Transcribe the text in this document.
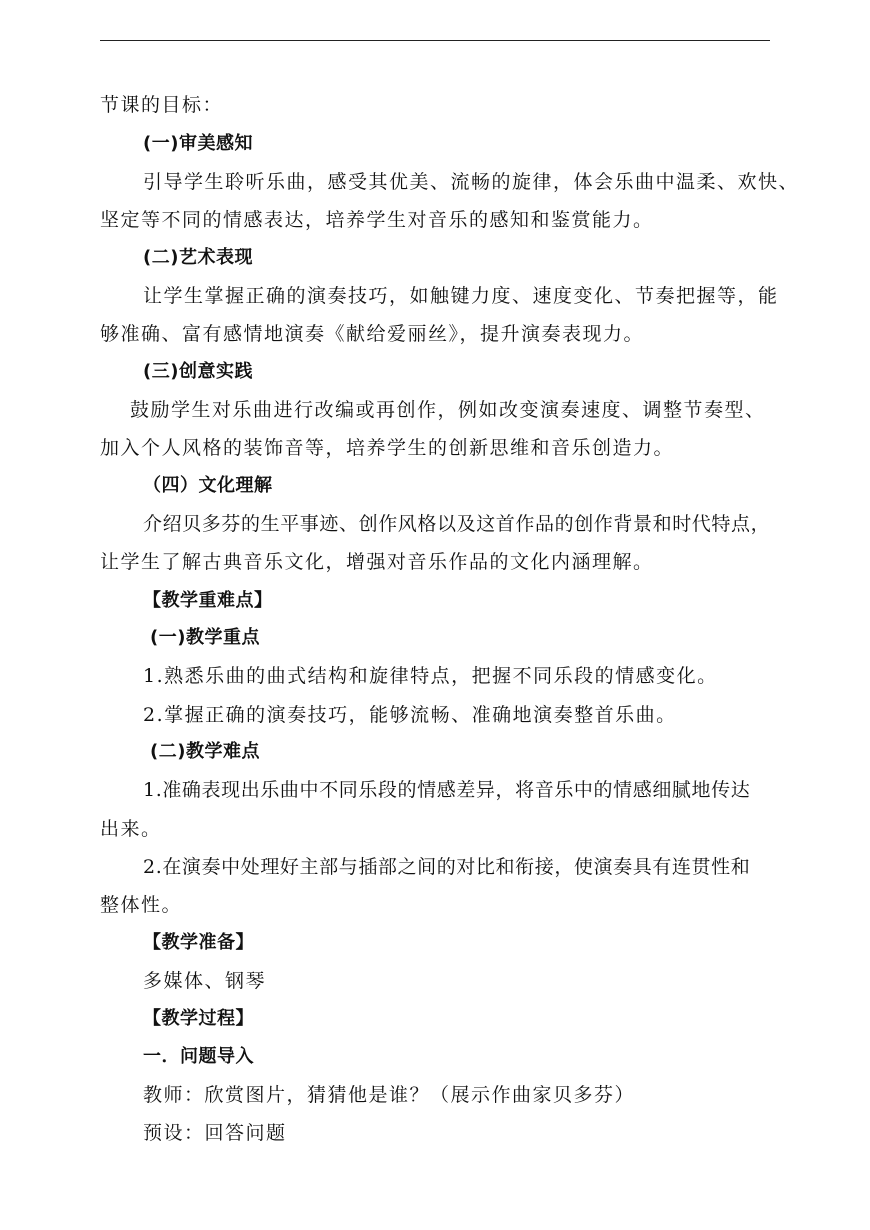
节课的目标：
(一)审美感知
引导学生聆听乐曲，感受其优美、流畅的旋律，体会乐曲中温柔、欢快、
坚定等不同的情感表达，培养学生对音乐的感知和鉴赏能力。
(二)艺术表现
让学生掌握正确的演奏技巧，如触键力度、速度变化、节奏把握等，能
够准确、富有感情地演奏《献给爱丽丝》，提升演奏表现力。
(三)创意实践
鼓励学生对乐曲进行改编或再创作，例如改变演奏速度、调整节奏型、
加入个人风格的装饰音等，培养学生的创新思维和音乐创造力。
（四）文化理解
介绍贝多芬的生平事迹、创作风格以及这首作品的创作背景和时代特点，
让学生了解古典音乐文化，增强对音乐作品的文化内涵理解。
【教学重难点】
(一)教学重点
1.熟悉乐曲的曲式结构和旋律特点，把握不同乐段的情感变化。
2.掌握正确的演奏技巧，能够流畅、准确地演奏整首乐曲。
(二)教学难点
1.准确表现出乐曲中不同乐段的情感差异，将音乐中的情感细腻地传达
出来。
2.在演奏中处理好主部与插部之间的对比和衔接，使演奏具有连贯性和
整体性。
【教学准备】
多媒体、钢琴
【教学过程】
一．问题导入
教师：欣赏图片，猜猜他是谁？（展示作曲家贝多芬）
预设：回答问题
